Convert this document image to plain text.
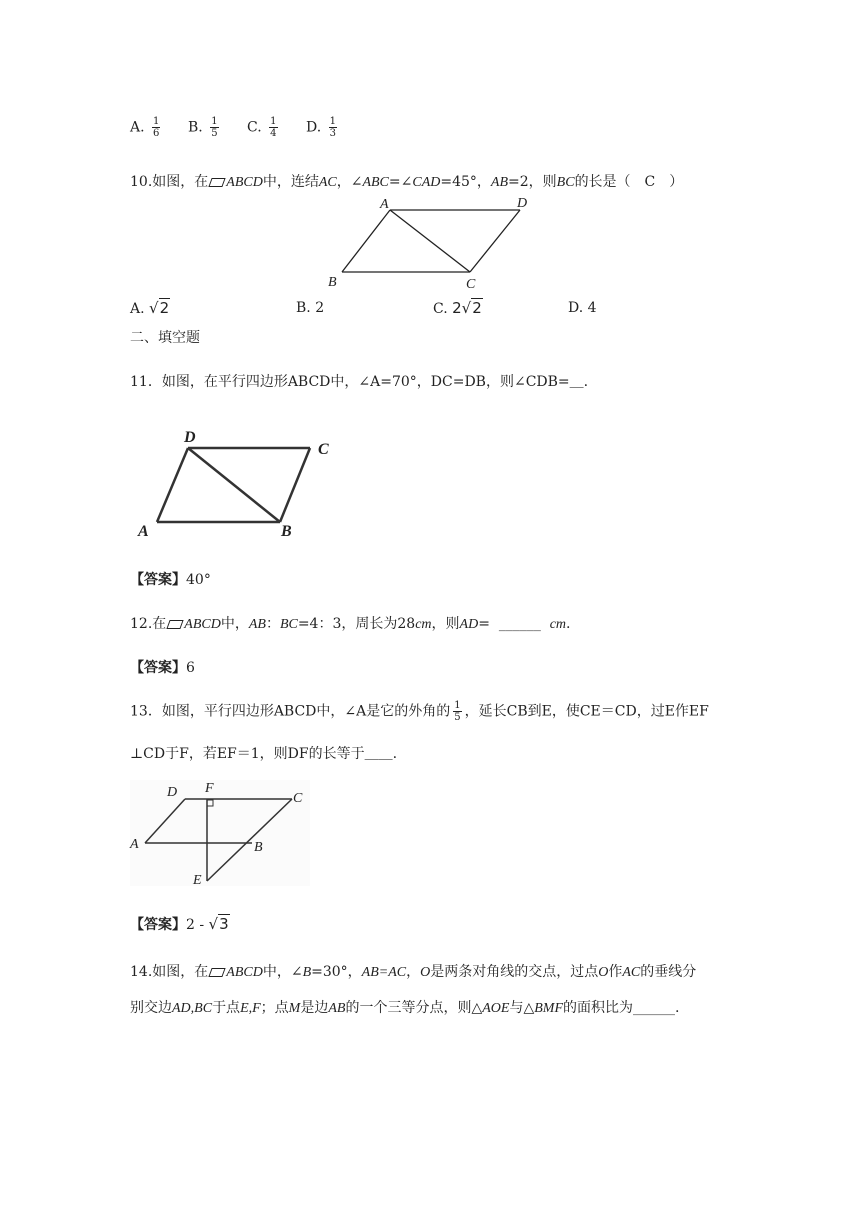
A. $\frac{1}{6} B$. $\frac{1}{5} C$. $\frac{1}{4} D$. $\frac{1}{3}$
10.如图，在 ABCD中，连结AC，∠ABC=∠CAD=45°，AB=2，则BC的长是（　C　）
A	D
B	C
A. √2	B. 2	C. 2√2	D. 4
二、填空题
11．如图，在平行四边形ABCD中，∠A=70°，DC=DB，则∠CDB=＿.
D
C
A	B
【答案】40°
12.在 ABCD中，AB：BC=4：3，周长为28cm，则AD=  ______  cm.
【答案】6
13．如图，平行四边形ABCD中，∠A是它的外角的 $\frac{1}{5}$ ，延长CB到E，使CE＝CD，过E作EF
⊥CD于F，若EF＝1，则DF的长等于＿＿.
D F
C
A	B
E
【答案】2 - √3
14.如图，在 ABCD中，∠B=30°，AB=AC，O是两条对角线的交点，过点O作AC的垂线分
别交边AD,BC于点E,F；点M是边AB的一个三等分点，则△AOE与△BMF的面积比为______.
